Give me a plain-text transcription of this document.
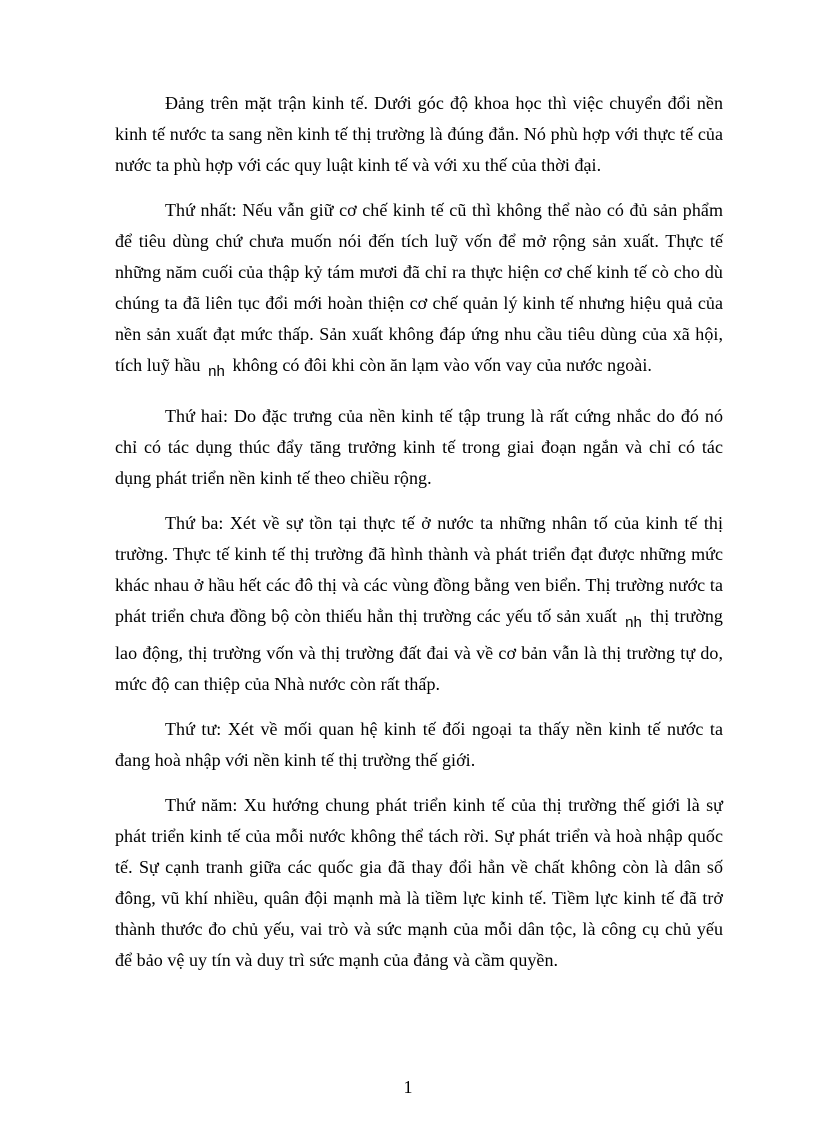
Đảng trên mặt trận kinh tế. Dưới góc độ khoa học thì việc chuyển đổi nền kinh tế nước ta sang nền kinh tế thị trường là đúng đắn. Nó phù hợp với thực tế của nước ta phù hợp với các quy luật kinh tế và với xu thế của thời đại.

Thứ nhất: Nếu vẫn giữ cơ chế kinh tế cũ thì không thể nào có đủ sản phẩm để tiêu dùng chứ chưa muốn nói đến tích luỹ vốn để mở rộng sản xuất. Thực tế những năm cuối của thập kỷ tám mươi đã chỉ ra thực hiện cơ chế kinh tế cò cho dù chúng ta đã liên tục đổi mới hoàn thiện cơ chế quản lý kinh tế nhưng hiệu quả của nền sản xuất đạt mức thấp. Sản xuất không đáp ứng nhu cầu tiêu dùng của xã hội, tích luỹ hầu $_{nh}$ không có đôi khi còn ăn lạm vào vốn vay của nước ngoài.

Thứ hai: Do đặc trưng của nền kinh tế tập trung là rất cứng nhắc do đó nó chỉ có tác dụng thúc đẩy tăng trưởng kinh tế trong giai đoạn ngắn và chỉ có tác dụng phát triển nền kinh tế theo chiều rộng.

Thứ ba: Xét về sự tồn tại thực tế ở nước ta những nhân tố của kinh tế thị trường. Thực tế kinh tế thị trường đã hình thành và phát triển đạt được những mức khác nhau ở hầu hết các đô thị và các vùng đồng bằng ven biển. Thị trường nước ta phát triển chưa đồng bộ còn thiếu hẳn thị trường các yếu tố sản xuất $_{nh}$ thị trường lao động, thị trường vốn và thị trường đất đai và về cơ bản vẫn là thị trường tự do, mức độ can thiệp của Nhà nước còn rất thấp.

Thứ tư: Xét về mối quan hệ kinh tế đối ngoại ta thấy nền kinh tế nước ta đang hoà nhập với nền kinh tế thị trường thế giới.

Thứ năm: Xu hướng chung phát triển kinh tế của thị trường thế giới là sự phát triển kinh tế của mỗi nước không thể tách rời. Sự phát triển và hoà nhập quốc tế. Sự cạnh tranh giữa các quốc gia đã thay đổi hẳn về chất không còn là dân số đông, vũ khí nhiều, quân đội mạnh mà là tiềm lực kinh tế. Tiềm lực kinh tế đã trở thành thước đo chủ yếu, vai trò và sức mạnh của mỗi dân tộc, là công cụ chủ yếu để bảo vệ uy tín và duy trì sức mạnh của đảng và cầm quyền.

1
